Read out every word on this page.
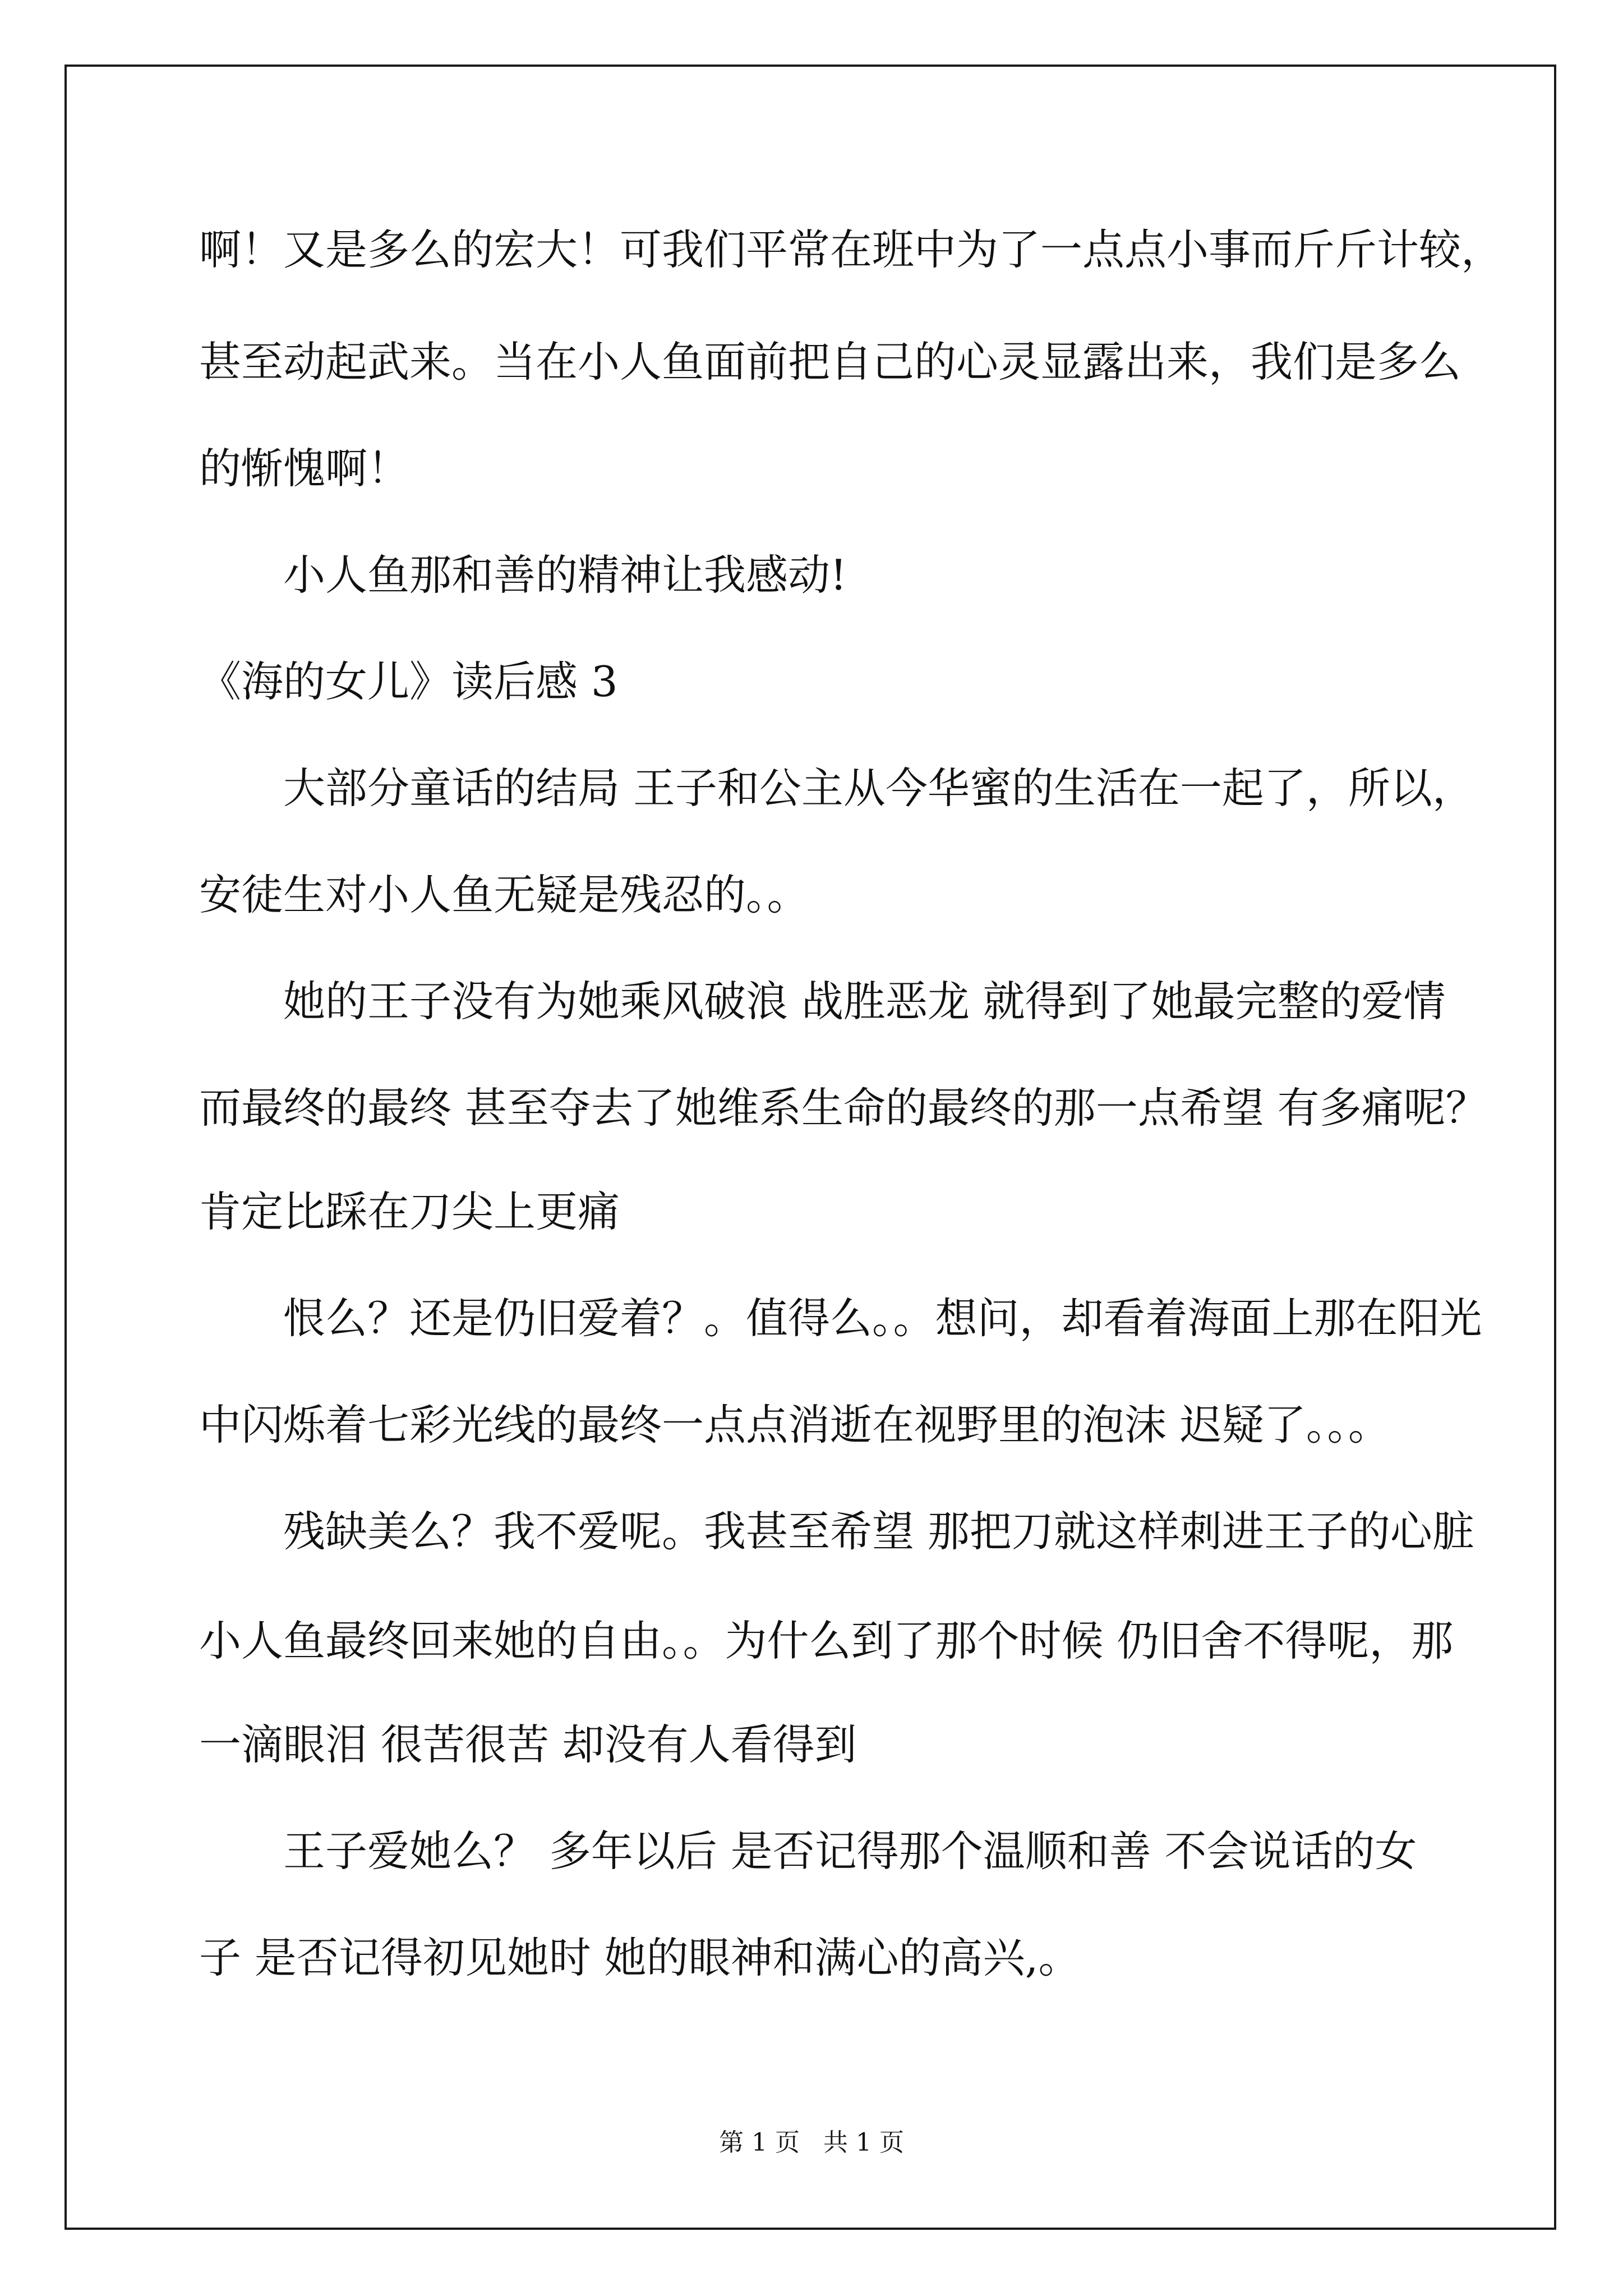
啊！又是多么的宏大！可我们平常在班中为了一点点小事而斤斤计较，
甚至动起武来。当在小人鱼面前把自己的心灵显露出来，我们是多么
的惭愧啊！
小人鱼那和善的精神让我感动!
《海的女儿》读后感 3
大部分童话的结局 王子和公主从今华蜜的生活在一起了，所以，
安徒生对小人鱼无疑是残忍的。。
她的王子没有为她乘风破浪 战胜恶龙 就得到了她最完整的爱情
而最终的最终 甚至夺去了她维系生命的最终的那一点希望 有多痛呢？
肯定比踩在刀尖上更痛
恨么？还是仍旧爱着？。值得么。。想问，却看着海面上那在阳光
中闪烁着七彩光线的最终一点点消逝在视野里的泡沫 迟疑了。。。
残缺美么？我不爱呢。我甚至希望 那把刀就这样刺进王子的心脏
小人鱼最终回来她的自由。。为什么到了那个时候 仍旧舍不得呢，那
一滴眼泪 很苦很苦 却没有人看得到
王子爱她么？ 多年以后 是否记得那个温顺和善 不会说话的女
子 是否记得初见她时 她的眼神和满心的高兴,。
第 1 页 共 1 页
